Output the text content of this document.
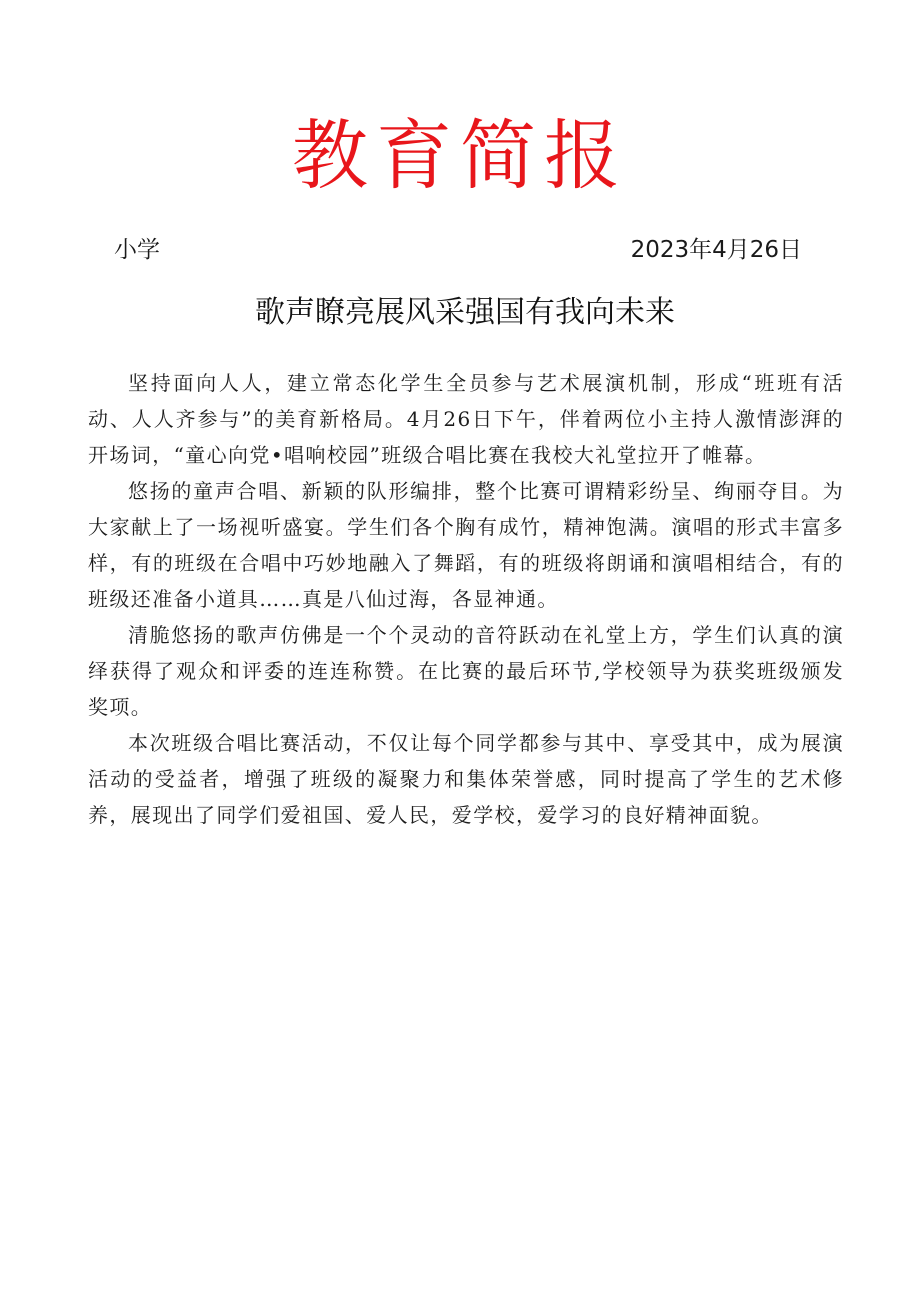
教育简报
小学	2023年4月26日
歌声瞭亮展风采强国有我向未来

坚持面向人人，建立常态化学生全员参与艺术展演机制，形成“班班有活动、人人齐参与”的美育新格局。4月26日下午，伴着两位小主持人激情澎湃的开场词，“童心向党•唱响校园”班级合唱比赛在我校大礼堂拉开了帷幕。

悠扬的童声合唱、新颖的队形编排，整个比赛可谓精彩纷呈、绚丽夺目。为大家献上了一场视听盛宴。学生们各个胸有成竹，精神饱满。演唱的形式丰富多样，有的班级在合唱中巧妙地融入了舞蹈，有的班级将朗诵和演唱相结合，有的班级还准备小道具……真是八仙过海，各显神通。

清脆悠扬的歌声仿佛是一个个灵动的音符跃动在礼堂上方，学生们认真的演绎获得了观众和评委的连连称赞。在比赛的最后环节,学校领导为获奖班级颁发奖项。

本次班级合唱比赛活动，不仅让每个同学都参与其中、享受其中，成为展演活动的受益者，增强了班级的凝聚力和集体荣誉感，同时提高了学生的艺术修养，展现出了同学们爱祖国、爱人民，爱学校，爱学习的良好精神面貌。
